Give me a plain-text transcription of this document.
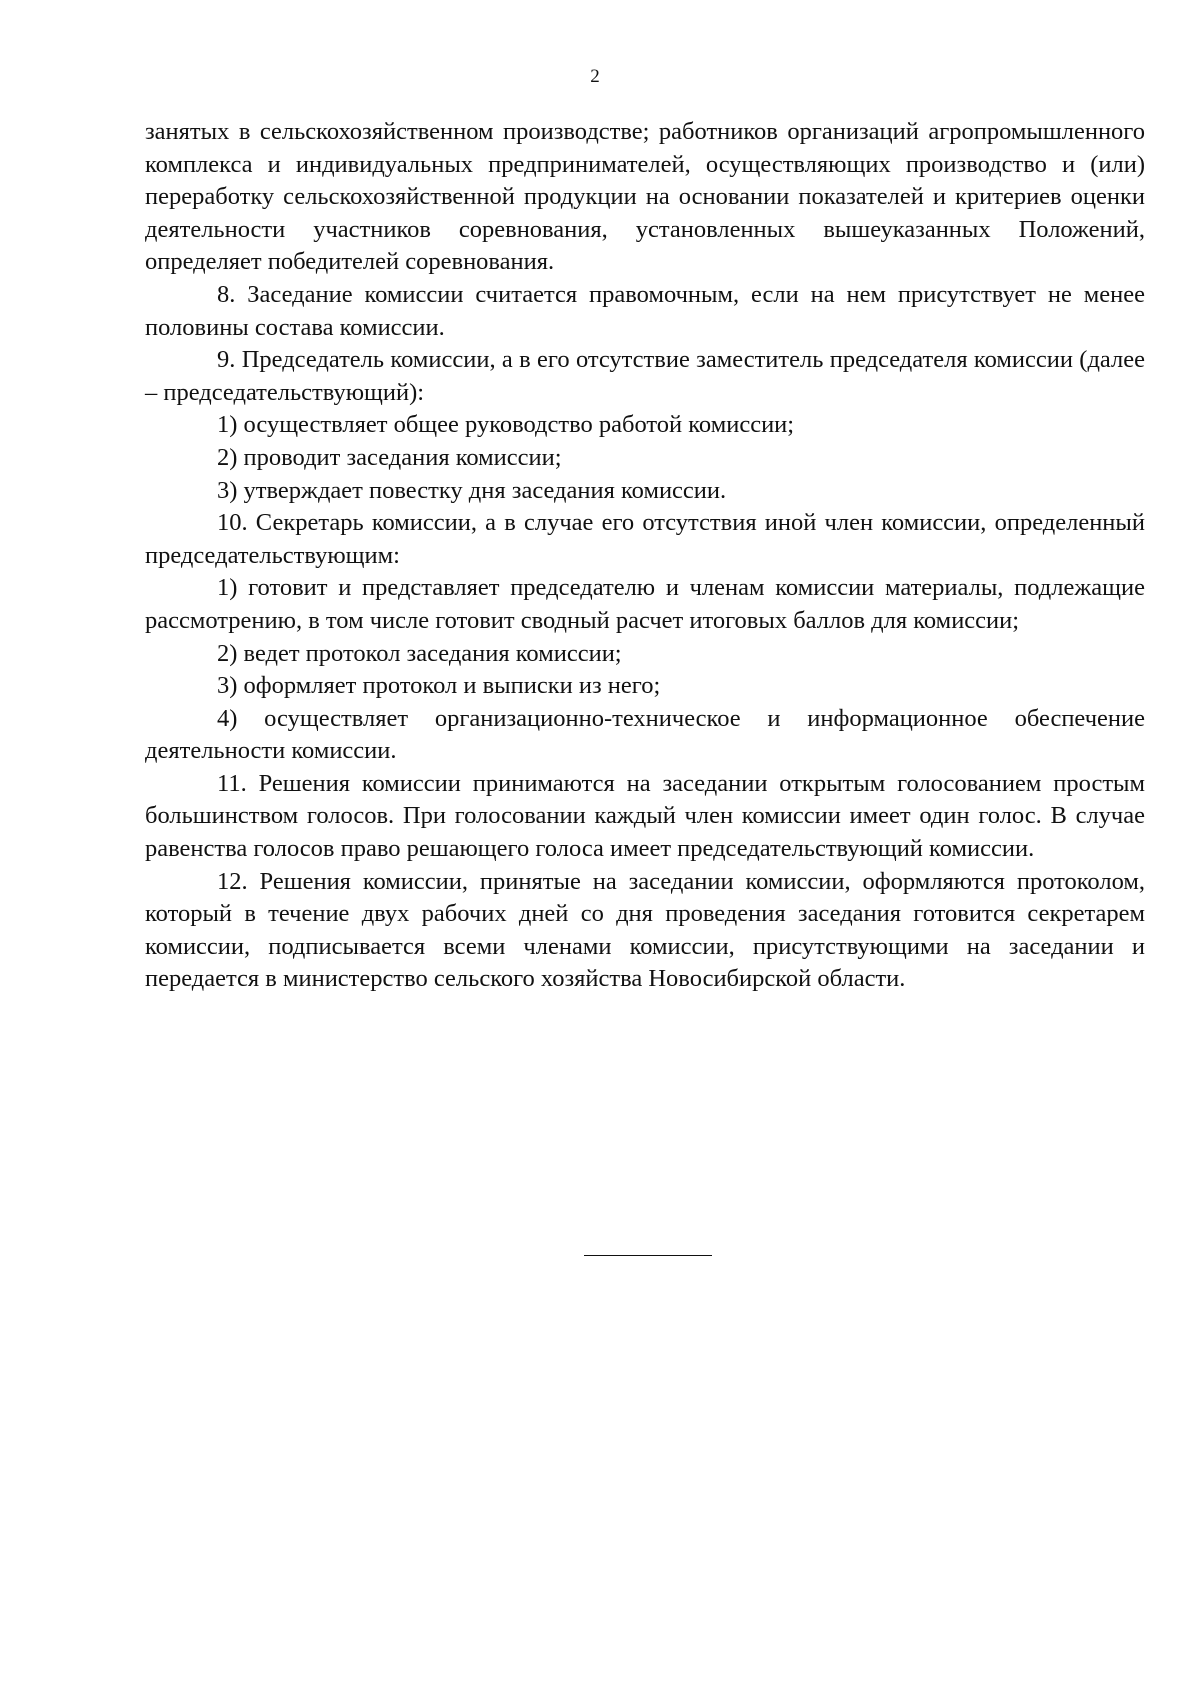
2

занятых в сельскохозяйственном производстве; работников организаций агропромышленного комплекса и индивидуальных предпринимателей, осуществляющих производство и (или) переработку сельскохозяйственной продукции на основании показателей и критериев оценки деятельности участников соревнования, установленных вышеуказанных Положений, определяет победителей соревнования.

8. Заседание комиссии считается правомочным, если на нем присутствует не менее половины состава комиссии.

9. Председатель комиссии, а в его отсутствие заместитель председателя комиссии (далее – председательствующий):

1) осуществляет общее руководство работой комиссии;

2) проводит заседания комиссии;

3) утверждает повестку дня заседания комиссии.

10. Секретарь комиссии, а в случае его отсутствия иной член комиссии, определенный председательствующим:

1) готовит и представляет председателю и членам комиссии материалы, подлежащие рассмотрению, в том числе готовит сводный расчет итоговых баллов для комиссии;

2) ведет протокол заседания комиссии;

3) оформляет протокол и выписки из него;

4) осуществляет организационно-техническое и информационное обеспечение деятельности комиссии.

11. Решения комиссии принимаются на заседании открытым голосованием простым большинством голосов. При голосовании каждый член комиссии имеет один голос. В случае равенства голосов право решающего голоса имеет председательствующий комиссии.

12. Решения комиссии, принятые на заседании комиссии, оформляются протоколом, который в течение двух рабочих дней со дня проведения заседания готовится секретарем комиссии, подписывается всеми членами комиссии, присутствующими на заседании и передается в министерство сельского хозяйства Новосибирской области.
